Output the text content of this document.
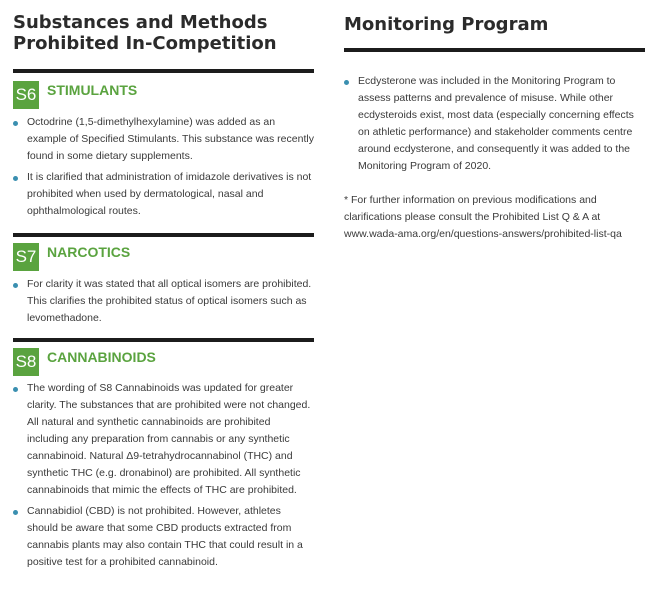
Substances and Methods
Prohibited In-Competition
S6 STIMULANTS
Octodrine (1,5-dimethylhexylamine) was added as an example of Specified Stimulants. This substance was recently found in some dietary supplements.
It is clarified that administration of imidazole derivatives is not prohibited when used by dermatological, nasal and ophthalmological routes.
S7 NARCOTICS
For clarity it was stated that all optical isomers are prohibited. This clarifies the prohibited status of optical isomers such as levomethadone.
S8 CANNABINOIDS
The wording of S8 Cannabinoids was updated for greater clarity. The substances that are prohibited were not changed. All natural and synthetic cannabinoids are prohibited including any preparation from cannabis or any synthetic cannabinoid. Natural Δ9-tetrahydrocannabinol (THC) and synthetic THC (e.g. dronabinol) are prohibited. All synthetic cannabinoids that mimic the effects of THC are prohibited.
Cannabidiol (CBD) is not prohibited. However, athletes should be aware that some CBD products extracted from cannabis plants may also contain THC that could result in a positive test for a prohibited cannabinoid.
Monitoring Program
Ecdysterone was included in the Monitoring Program to assess patterns and prevalence of misuse. While other ecdysteroids exist, most data (especially concerning effects on athletic performance) and stakeholder comments centre around ecdysterone, and consequently it was added to the Monitoring Program of 2020.

* For further information on previous modifications and clarifications please consult the Prohibited List Q & A at www.wada-ama.org/en/questions-answers/prohibited-list-qa
